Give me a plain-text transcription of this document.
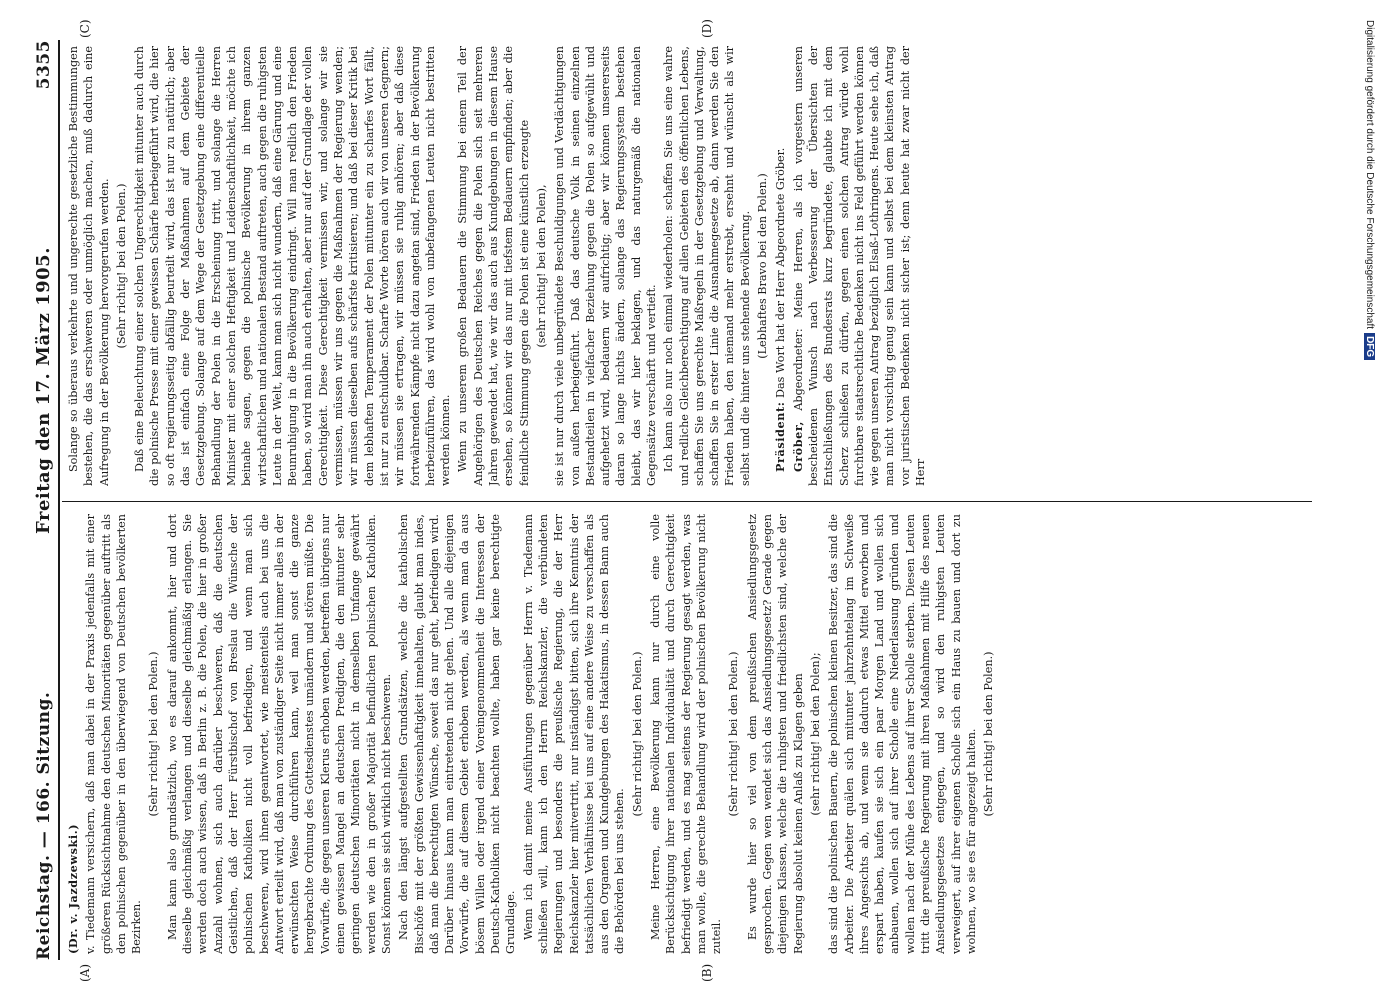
Reichstag. — 166. Sitzung.
Freitag den 17. März 1905.
5355
(A)	(B)
(C)	(D)

(Dr. v. Jazdzewski.) v. Tiedemann versichern, daß man dabei in der Praxis jedenfalls mit einer größeren Rücksichtnahme den deutschen Minoritäten gegenüber auftritt als den polnischen gegenüber in den überwiegend von Deutschen bevölkerten Bezirken.

(Sehr richtig! bei den Polen.) Man kann also grundsätzlich, wo es darauf ankommt, hier und dort dieselbe gleichmäßig verlangen und dieselbe gleichmäßig erlangen. Sie werden doch auch wissen, daß in Berlin z. B. die Polen, die hier in großer Anzahl wohnen, sich auch darüber beschweren, daß die deutschen Geistlichen, daß der Herr Fürstbischof von Breslau die Wünsche der polnischen Katholiken nicht voll befriedigen, und wenn man sich beschweren, wird ihnen geantwortet, wie meistenteils auch bei uns die Antwort erteilt wird, daß man von zuständiger Seite nicht immer alles in der erwünschten Weise durchführen kann, weil man sonst die ganze hergebrachte Ordnung des Gottesdienstes umändern und stören müßte. Die Vorwürfe, die gegen unseren Klerus erhoben werden, betreffen übrigens nur einen gewissen Mangel an deutschen Predigten, die den mitunter sehr geringen deutschen Minoritäten nicht in demselben Umfange gewährt werden wie den in großer Majorität befindlichen polnischen Katholiken. Sonst können sie sich wirklich nicht beschweren. Nach den längst aufgestellten Grundsätzen, welche die katholischen Bischöfe mit der größten Gewissenhaftigkeit innehalten, glaubt man indes, daß man die berechtigten Wünsche, soweit das nur geht, befriedigen wird. Darüber hinaus kann man eintretenden nicht gehen. Und alle diejenigen Vorwürfe, die auf diesem Gebiet erhoben werden, als wenn man da aus bösem Willen oder irgend einer Voreingenommenheit die Interessen der Deutsch-Katholiken nicht beachten wollte, haben gar keine berechtigte Grundlage. Wenn ich damit meine Ausführungen gegenüber Herrn v. Tiedemann schließen will, kann ich den Herrn Reichskanzler, die verbündeten Regierungen und besonders die preußische Regierung, die der Herr Reichskanzler hier mitvertritt, nur inständigst bitten, sich ihre Kenntnis der tatsächlichen Verhältnisse bei uns auf eine andere Weise zu verschaffen als aus den Organen und Kundgebungen des Hakatismus, in dessen Bann auch die Behörden bei uns stehen.

(Sehr richtig! bei den Polen.) Meine Herren, eine Bevölkerung kann nur durch eine volle Berücksichtigung ihrer nationalen Individualität und durch Gerechtigkeit befriedigt werden, und es mag seitens der Regierung gesagt werden, was man wolle, die gerechte Behandlung wird der polnischen Bevölkerung nicht zuteil.

(Sehr richtig! bei den Polen.) Es wurde hier so viel von dem preußischen Ansiedlungsgesetz gesprochen. Gegen wen wendet sich das Ansiedlungsgesetz? Gerade gegen diejenigen Klassen, welche die ruhigsten und friedlichsten sind, welche der Regierung absolut keinen Anlaß zu Klagen geben (sehr richtig! bei den Polen); das sind die polnischen Bauern, die polnischen kleinen Besitzer, das sind die Arbeiter. Die Arbeiter quälen sich mitunter jahrzehntelang im Schweiße ihres Angesichts ab, und wenn sie dadurch etwas Mittel erworben und erspart haben, kaufen sie sich ein paar Morgen Land und wollen sich anbauen, wollen sich auf ihrer Scholle eine Niederlassung gründen und wollen nach der Mühe des Lebens auf ihrer Scholle sterben. Diesen Leuten tritt die preußische Regierung mit ihren Maßnahmen mit Hilfe des neuen Ansiedlungsgesetzes entgegen, und so wird den ruhigsten Leuten verweigert, auf ihrer eigenen Scholle sich ein Haus zu bauen und dort zu wohnen, wo sie es für angezeigt halten. (Sehr richtig! bei den Polen.)

Solange so überaus verkehrte und ungerechte gesetzliche Bestimmungen bestehen, die das erschweren oder unmöglich machen, muß dadurch eine Aufregung in der Bevölkerung hervorgerufen werden. (Sehr richtig! bei den Polen.) Daß eine Beleuchtung einer solchen Ungerechtigkeit mitunter auch durch die polnische Presse mit einer gewissen Schärfe herbeigeführt wird, die hier so oft regierungsseitig abfällig beurteilt wird, das ist nur zu natürlich; aber das ist einfach eine Folge der Maßnahmen auf dem Gebiete der Gesetzgebung. Solange auf dem Wege der Gesetzgebung eine differentielle Behandlung der Polen in die Erscheinung tritt, und solange die Herren Minister mit einer solchen Heftigkeit und Leidenschaftlichkeit, möchte ich beinahe sagen, gegen die polnische Bevölkerung in ihrem ganzen wirtschaftlichen und nationalen Bestand auftreten, auch gegen die ruhigsten Leute in der Welt, kann man sich nicht wundern, daß eine Gärung und eine Beunruhigung in die Bevölkerung eindringt. Will man redlich den Frieden haben, so wird man ihn auch erhalten, aber nur auf der Grundlage der vollen Gerechtigkeit. Diese Gerechtigkeit vermissen wir, und solange wir sie vermissen, müssen wir uns gegen die Maßnahmen der Regierung wenden; wir müssen dieselben aufs schärfste kritisieren; und daß bei dieser Kritik bei dem lebhaften Temperament der Polen mitunter ein zu scharfes Wort fällt, ist nur zu entschuldbar. Scharfe Worte hören auch wir von unseren Gegnern; wir müssen sie ertragen, wir müssen sie ruhig anhören; aber daß diese fortwährenden Kämpfe nicht dazu angetan sind, Frieden in der Bevölkerung herbeizuführen, das wird wohl von unbefangenen Leuten nicht bestritten werden können. Wenn zu unserem großen Bedauern die Stimmung bei einem Teil der Angehörigen des Deutschen Reiches gegen die Polen sich seit mehreren Jahren gewendet hat, wie wir das auch aus Kundgebungen in diesem Hause ersehen, so können wir das nur mit tiefstem Bedauern empfinden; aber die feindliche Stimmung gegen die Polen ist eine künstlich erzeugte (sehr richtig! bei den Polen), sie ist nur durch viele unbegründete Beschuldigungen und Verdächtigungen von außen herbeigeführt. Daß das deutsche Volk in seinen einzelnen Bestandteilen in vielfacher Beziehung gegen die Polen so aufgewühlt und aufgehetzt wird, bedauern wir aufrichtig; aber wir können unsererseits daran so lange nichts ändern, solange das Regierungssystem bestehen bleibt, das wir hier beklagen, und das naturgemäß die nationalen Gegensätze verschärft und vertieft. Ich kann also nur noch einmal wiederholen: schaffen Sie uns eine wahre und redliche Gleichberechtigung auf allen Gebieten des öffentlichen Lebens, schaffen Sie uns gerechte Maßregeln in der Gesetzgebung und Verwaltung, schaffen Sie in erster Linie die Ausnahmegesetze ab, dann werden Sie den Frieden haben, den niemand mehr erstrebt, ersehnt und wünscht als wir selbst und die hinter uns stehende Bevölkerung. (Lebhaftes Bravo bei den Polen.)

Präsident: Das Wort hat der Herr Abgeordnete Gröber.

Gröber, Abgeordneter: Meine Herren, als ich vorgestern unseren bescheidenen Wunsch nach Verbesserung der Übersichten der Entschließungen des Bundesrats kurz begründete, glaubte ich mit dem Scherz schließen zu dürfen, gegen einen solchen Antrag würde wohl furchtbare staatsrechtliche Bedenken nicht ins Feld geführt werden können wie gegen unseren Antrag bezüglich Elsaß-Lothringens. Heute sehe ich, daß man nicht vorsichtig genug sein kann und selbst bei dem kleinsten Antrag vor juristischen Bedenken nicht sicher ist; denn heute hat zwar nicht der Herr

Digitalisierung gefördert durch die Deutsche ForschungsgemeinschaftDFG
